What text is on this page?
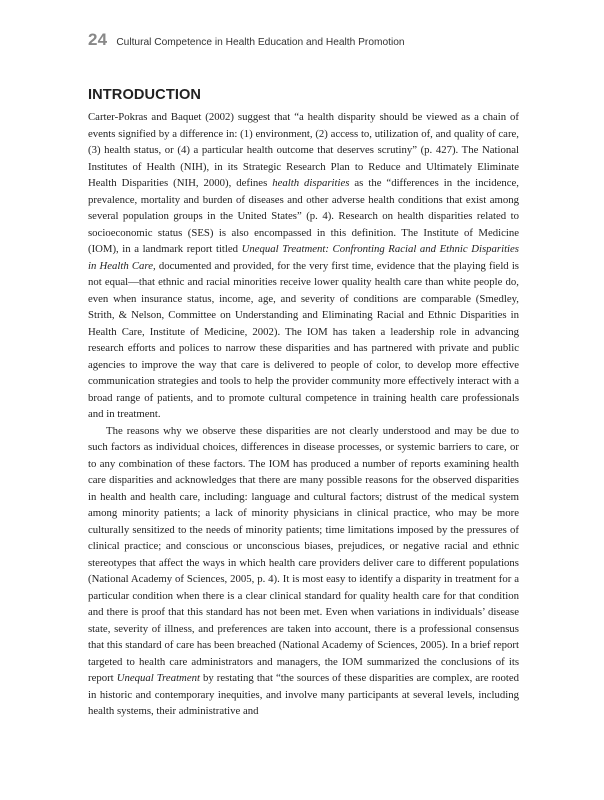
24 Cultural Competence in Health Education and Health Promotion
INTRODUCTION

Carter-Pokras and Baquet (2002) suggest that “a health disparity should be viewed as a chain of events signified by a difference in: (1) environment, (2) access to, utilization of, and quality of care, (3) health status, or (4) a particular health outcome that deserves scrutiny” (p. 427). The National Institutes of Health (NIH), in its Strategic Research Plan to Reduce and Ultimately Eliminate Health Disparities (NIH, 2000), defines health disparities as the “differences in the incidence, prevalence, mortality and burden of diseases and other adverse health conditions that exist among several population groups in the United States” (p. 4). Research on health disparities related to socioeconomic status (SES) is also encompassed in this definition. The Institute of Medicine (IOM), in a landmark report titled Unequal Treatment: Confronting Racial and Ethnic Disparities in Health Care, documented and provided, for the very first time, evidence that the playing field is not equal—that ethnic and racial minorities receive lower quality health care than white people do, even when insurance status, income, age, and severity of conditions are comparable (Smedley, Strith, & Nelson, Committee on Understanding and Eliminating Racial and Ethnic Disparities in Health Care, Institute of Medicine, 2002). The IOM has taken a leadership role in advancing research efforts and polices to narrow these disparities and has partnered with private and public agencies to improve the way that care is delivered to people of color, to develop more effective communication strategies and tools to help the provider community more effectively interact with a broad range of patients, and to promote cultural competence in training health care professionals and in treatment.

The reasons why we observe these disparities are not clearly understood and may be due to such factors as individual choices, differences in disease processes, or systemic barriers to care, or to any combination of these factors. The IOM has produced a number of reports examining health care disparities and acknowledges that there are many possible reasons for the observed disparities in health and health care, including: language and cultural factors; distrust of the medical system among minority patients; a lack of minority physicians in clinical practice, who may be more culturally sensitized to the needs of minority patients; time limitations imposed by the pressures of clinical practice; and conscious or unconscious biases, prejudices, or negative racial and ethnic stereotypes that affect the ways in which health care providers deliver care to different populations (National Academy of Sciences, 2005, p. 4). It is most easy to identify a disparity in treatment for a particular condition when there is a clear clinical standard for quality health care for that condition and there is proof that this standard has not been met. Even when variations in individuals’ disease state, severity of illness, and preferences are taken into account, there is a professional consensus that this standard of care has been breached (National Academy of Sciences, 2005). In a brief report targeted to health care administrators and managers, the IOM summarized the conclusions of its report Unequal Treatment by restating that “the sources of these disparities are complex, are rooted in historic and contemporary inequities, and involve many participants at several levels, including health systems, their administrative and
